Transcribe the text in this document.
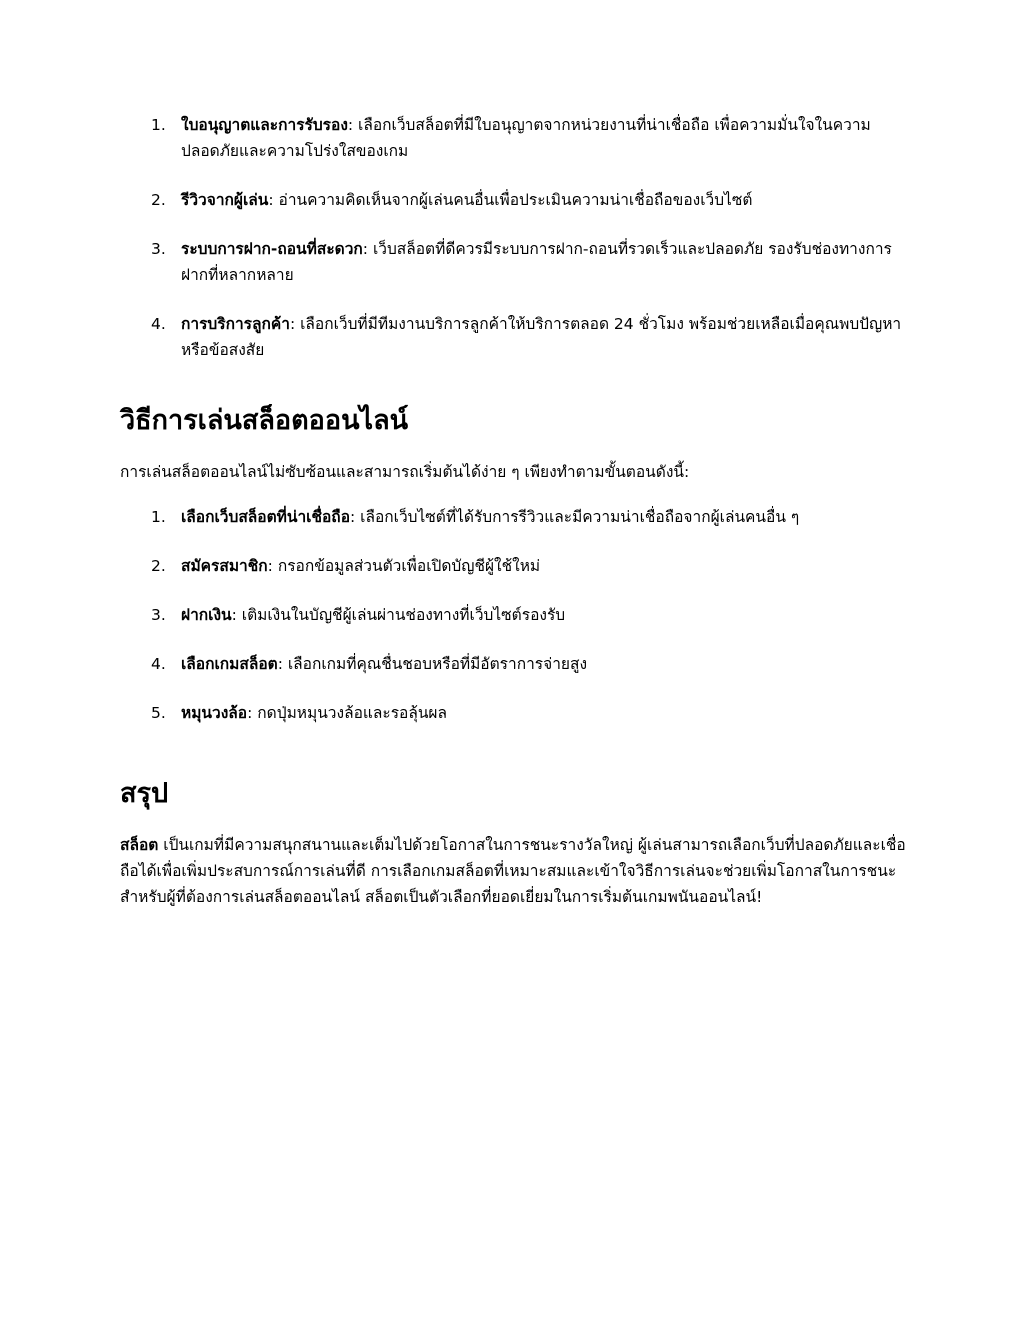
1. ใบอนุญาตและการรับรอง: เลือกเว็บสล็อตที่มีใบอนุญาตจากหน่วยงานที่น่าเชื่อถือ เพื่อความมั่นใจในความปลอดภัยและความโปร่งใสของเกม
2. รีวิวจากผู้เล่น: อ่านความคิดเห็นจากผู้เล่นคนอื่นเพื่อประเมินความน่าเชื่อถือของเว็บไซต์
3. ระบบการฝาก-ถอนที่สะดวก: เว็บสล็อตที่ดีควรมีระบบการฝาก-ถอนที่รวดเร็วและปลอดภัย รองรับช่องทางการฝากที่หลากหลาย
4. การบริการลูกค้า: เลือกเว็บที่มีทีมงานบริการลูกค้าให้บริการตลอด 24 ชั่วโมง พร้อมช่วยเหลือเมื่อคุณพบปัญหาหรือข้อสงสัย
วิธีการเล่นสล็อตออนไลน์

การเล่นสล็อตออนไลน์ไม่ซับซ้อนและสามารถเริ่มต้นได้ง่าย ๆ เพียงทำตามขั้นตอนดังนี้:

1. เลือกเว็บสล็อตที่น่าเชื่อถือ: เลือกเว็บไซต์ที่ได้รับการรีวิวและมีความน่าเชื่อถือจากผู้เล่นคนอื่น ๆ
2. สมัครสมาชิก: กรอกข้อมูลส่วนตัวเพื่อเปิดบัญชีผู้ใช้ใหม่
3. ฝากเงิน: เติมเงินในบัญชีผู้เล่นผ่านช่องทางที่เว็บไซต์รองรับ
4. เลือกเกมสล็อต: เลือกเกมที่คุณชื่นชอบหรือที่มีอัตราการจ่ายสูง
5. หมุนวงล้อ: กดปุ่มหมุนวงล้อและรอลุ้นผล
สรุป

สล็อต เป็นเกมที่มีความสนุกสนานและเต็มไปด้วยโอกาสในการชนะรางวัลใหญ่ ผู้เล่นสามารถเลือกเว็บที่ปลอดภัยและเชื่อถือได้เพื่อเพิ่มประสบการณ์การเล่นที่ดี การเลือกเกมสล็อตที่เหมาะสมและเข้าใจวิธีการเล่นจะช่วยเพิ่มโอกาสในการชนะ สำหรับผู้ที่ต้องการเล่นสล็อตออนไลน์ สล็อตเป็นตัวเลือกที่ยอดเยี่ยมในการเริ่มต้นเกมพนันออนไลน์!
